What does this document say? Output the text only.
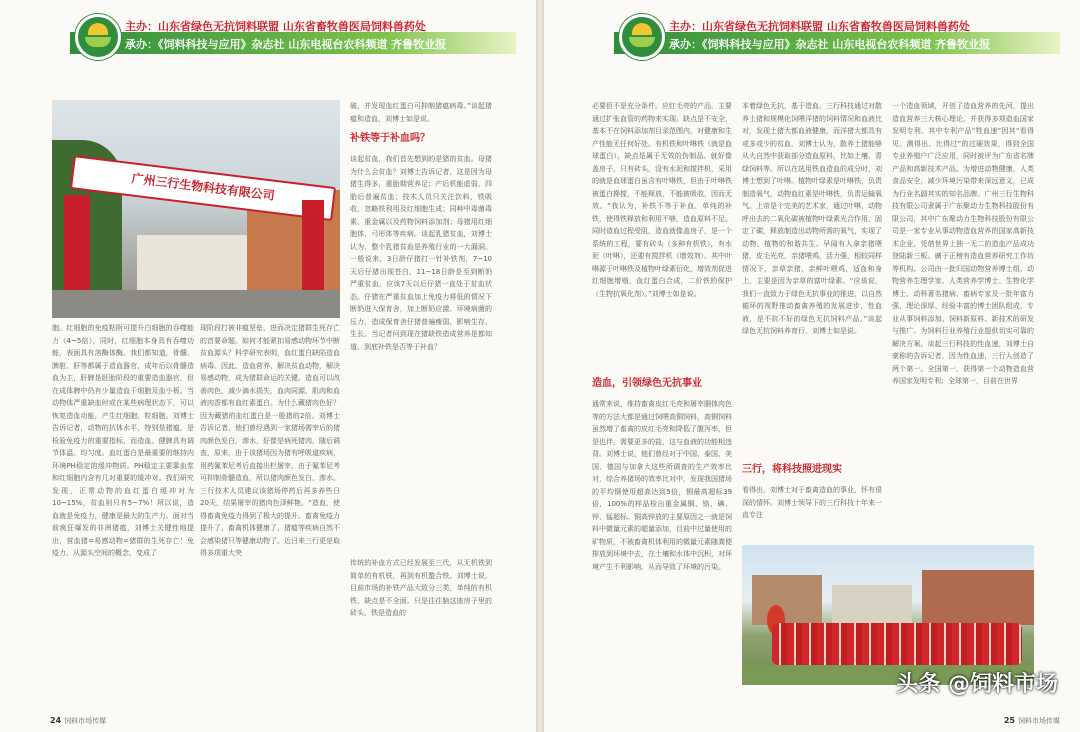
主办：山东省绿色无抗饲料联盟 山东省畜牧兽医局饲料兽药处
承办：《饲料科技与应用》杂志社 山东电视台农科频道 齐鲁牧业报
广州三行生物科技有限公司

胞。红细胞的免疫粘附可提升白细胞的吞噬能力（4~5倍），同时，红细胞本身具有吞噬功能，表面具有溶酶体酶。我们都知道，骨髓、脾脏、肝等都属于造血器官，成年后以骨髓造血为主，肝脾是胚胎阶段的重要造血器官，但在成体脾中仍有少量造血干细胞及血小板。当动物体严重缺血时或在某些病理状态下，可以恢复造血功能，产生红细胞、粒细胞。刘博士告诉记者，动物的抗体水平，特别是猪瘟，是检验免疫力的重要指标，而造血、健脾具有调节体温、均匀度。血红蛋白是最重要的继持内环境PH稳定的缓冲物质。PH稳定主要靠血浆和红细胞内含有几对重要的缓冲对。我们研究发现，正常动物的血红蛋白缓冲对为10~15%，贫血则只有5~7%！所以说，造血就是免疫力，健康是最大的生产力。面对当前疯狂爆发的非洲猪瘟，刘博士关键性地提出，营血猪=易感动物=猪群的生死存亡！免疫力、从源头空间的概念，变成了

现阶段打被非瘟坚垒，进而决定猪群生死存亡的首要命题。如何才能紧扣易感动物环节中断贫血源头？科学研究表明，血红蛋白缺陷造血病毒。因此，造血营养、解决贫血动物，解决易感动物，成为猪群命运的关键。造血可以改善肉色，减少滴水损失，血肉同源，肌肉和血液肉香都有血红素蛋白。为什么藏猪肉色好？因为藏猪的血红蛋白是一般猪的2倍。刘博士告诉记者，他们曾经遇到一家猪场需宰后的猪肉颜色发白，渗水，好像是病死猪肉，随后调查，原来，由于该猪场因为猪有呼吸道疾病，用药氟苯尼考后直接出栏屠宰，由于氟苯尼考可抑制骨髓造血，所以猪肉颜色发白，渗水。三行技术人员建议该猪场停药后再多养些日20天，结果屠宰的猪肉色泽鲜艳。“造血，使得畜禽免疫力得到了极大的提升。畜禽免疫力提升了，畜禽机体健康了，猪瘟等疾病自然不会感染猪只等健康动物了。近日来三行更是取得多项重大突

破，并发现血红蛋白可抑制猪瘟病毒。”谈起猪瘟和造血，刘博士如是说。

补铁等于补血吗？

谈起贫血，我们首先想到的是猪的贫血。母猪为什么会贫血？刘博士告诉记者，这是因为母猪生得多，重胎期营养足；产后机能虚弱、四胎后普遍贫血；技术人员只关注饮料、铁吸收，忽略铁利用及红细胞生成；同种中毒菌毒素、重金属以及药物饲料添加剂；母猪用红细胞体、弓形体等疾病。谈起乳猪贫血，刘博士认为，整个乳猪贫血是养殖行业的一大漏洞。一般说来，3日龄仔猪打一针补铁剂，7~10天后仔猪出现苍白，11~18日龄是至到断奶严重贫血，应该7天以后仔猪一直处于贫血状态。仔猪在严重贫血加上免疫力将低的情况下断奶进入保育舍，加上断奶应激、环境病菌的压力，造成保育舍仔猪普遍瘦弱、影响生存、生长。当记者问到现在猪缺铁造成营养是都知道，到底补铁是否等于补血？

传统的补血方式已经发展至三代，从无机铁到简单的有机铁，再到有机螯合铁。刘博士说，目前市场的补铁产品大致分三类，单纯的有机铁，缺点是不全面。只是往往脑这座房子里的砖头，铁是造血的

24 饲料市场传媒
主办：山东省绿色无抗饲料联盟 山东省畜牧兽医局饲料兽药处
承办：《饲料科技与应用》杂志社 山东电视台农科频道 齐鲁牧业报

必要但不是充分条件。应红毛亮的产品，主要通过扩张血管的药物来实现。缺点是不安全，基本不在饲料添加剂目录范围内，对健康和生产性能无任何好处。有机铁和叶啉铁（就是血球蛋白），缺点是属于无效的伪制品。就好像盖房子，只有砖头，没有水泥和搅拌机，采用的就是血球蛋白虽含有叶啉铁，但由于叶啉铁被蛋白搀搅，不能释放，不能被吸收，因而无效。“我认为，补铁不等于补血，单纯的补铁，使得铁释放和利用不够，造血原料不足。同时造血过程受阻，造血就像盖房子，是一个系统的工程，要有砖头（多种有机铁），有水泥（叶啉），还要有搅拌机（增效剂）。其中叶啉源于叶啉铁及植物叶绿素衍化，增效剂促进红细胞增殖，血红蛋白合成，二价铁的保护（生物抗氧化剂）。”刘博士如是说。

造血，引领绿色无抗事业

通常来说，维持畜禽皮红毛亮和屠宰胴体肉色等的方法大都是通过饲喂高铜饲料，高铜饲料虽然增了畜禽的皮红毛亮和降低了腹泻率，但是也伴，需要更多的盐，这与血液的功能相违背。刘博士说，他们曾经对于中国、泰国、美国、德国与加拿大这些所调查的生产效率比对，综合养猪场的效率比对中，发现我国猪场的平均铜使用超高达到5倍，铜最高超标39倍，100%的样品检出重金属铜、铬、碘、锌、锰超标。铜高锌放的主要原因之一就是饲料中微量元素的超量添加，目前中过量使用的矿物质，不被畜禽机体利用的微量元素随粪便排放到环境中去，在土壤和水体中沉积，对环境产生不利影响，从而导致了环境的污染。

本着绿色无抗，基于造血、三行科技通过对散养土猪和规模化饲喂洋猪的饲料情况和血液比对，发现土猪大都血液健康，而洋猪大都具有或多或少的贫血，刘博士认为，散养土猪能够从大自然中获取部分造血原料，比如土壤、青绿饲料等。所以在选用铁血造血的成分时，刘博士想到了叶啉。植物叶绿素是叶啉铁，负责制造氧气，动物血红素是叶啉铁，负责运输氧气。上帝是个完美的艺术家，通过叶啉，动物呼出去的二氧化碳被植物叶绿素光合作用，固定了碳，释放制造出动物所需的氧气，实现了动物、植物的和谐共生。早闻有人拿亲猪喂猪，皮毛光亮，亲猪喂鸡，活力强，相较同样情况下，亲草亲猪，亲鲜叶喂鸡，适血和身上，主要是因为亲草的富叶绿素。“应该说，我们一直致力于绿色无抗事业的推进，以自然循环的视野推动畜禽养殖的发展进步，性血液，是不抗不好的绿色无抗饲料产品。”谈起绿色无抗饲料养育行，刘博士如是说。

三行，将科技照进现实

看得出，刘博士对于畜禽造血的事业，怀有很深的情怀。刘博士领导下的三行科技十年来一直专注

一个造血领域，开创了造血营养的先河，提出造血营养三大核心理论，并获得多项造血国家发明专利。其中专利产品“牲血速”因其“看得见、测得出、比得过”的过硬效果，得到全国专业养殖户广泛应用，同时被评为广东省名牌产品和高新技术产品。为增进动物健康，人类食品安全，减少环境污染带来深远意义，已成为行业名副其实的知名品牌。广州三行生物科技有限公司隶属于广东聚动力生物科技股份有限公司，其中广东聚动力生物科技股份有限公司是一家专业从事动物造血营养的国家高新技术企业，凭借世界上独一无二的造血产品成功登陆新三板。廣于正榜有造血营养研究工作坊等机构。公司由一批归国动物营养博士组、动物营养生理学家、人类营养学博士、生物化学博士、动科著名猪病、畜病专家及一批年富力强，理论深厚、经验丰富的博士团队组成，专业从事饲料添加、饲料新原料、新技术的研发与推广。为饲料行业养殖行业提供切实可靠的解决方案。谈起三行科技的性血速，刘博士自豪称的告诉记者，因为性血速，三行人创造了两个第一。全国第一，获得第一个动物造血营养国家发明专利；全球第一，目前在世界

头条 @饲料市场
25 饲料市场传媒
